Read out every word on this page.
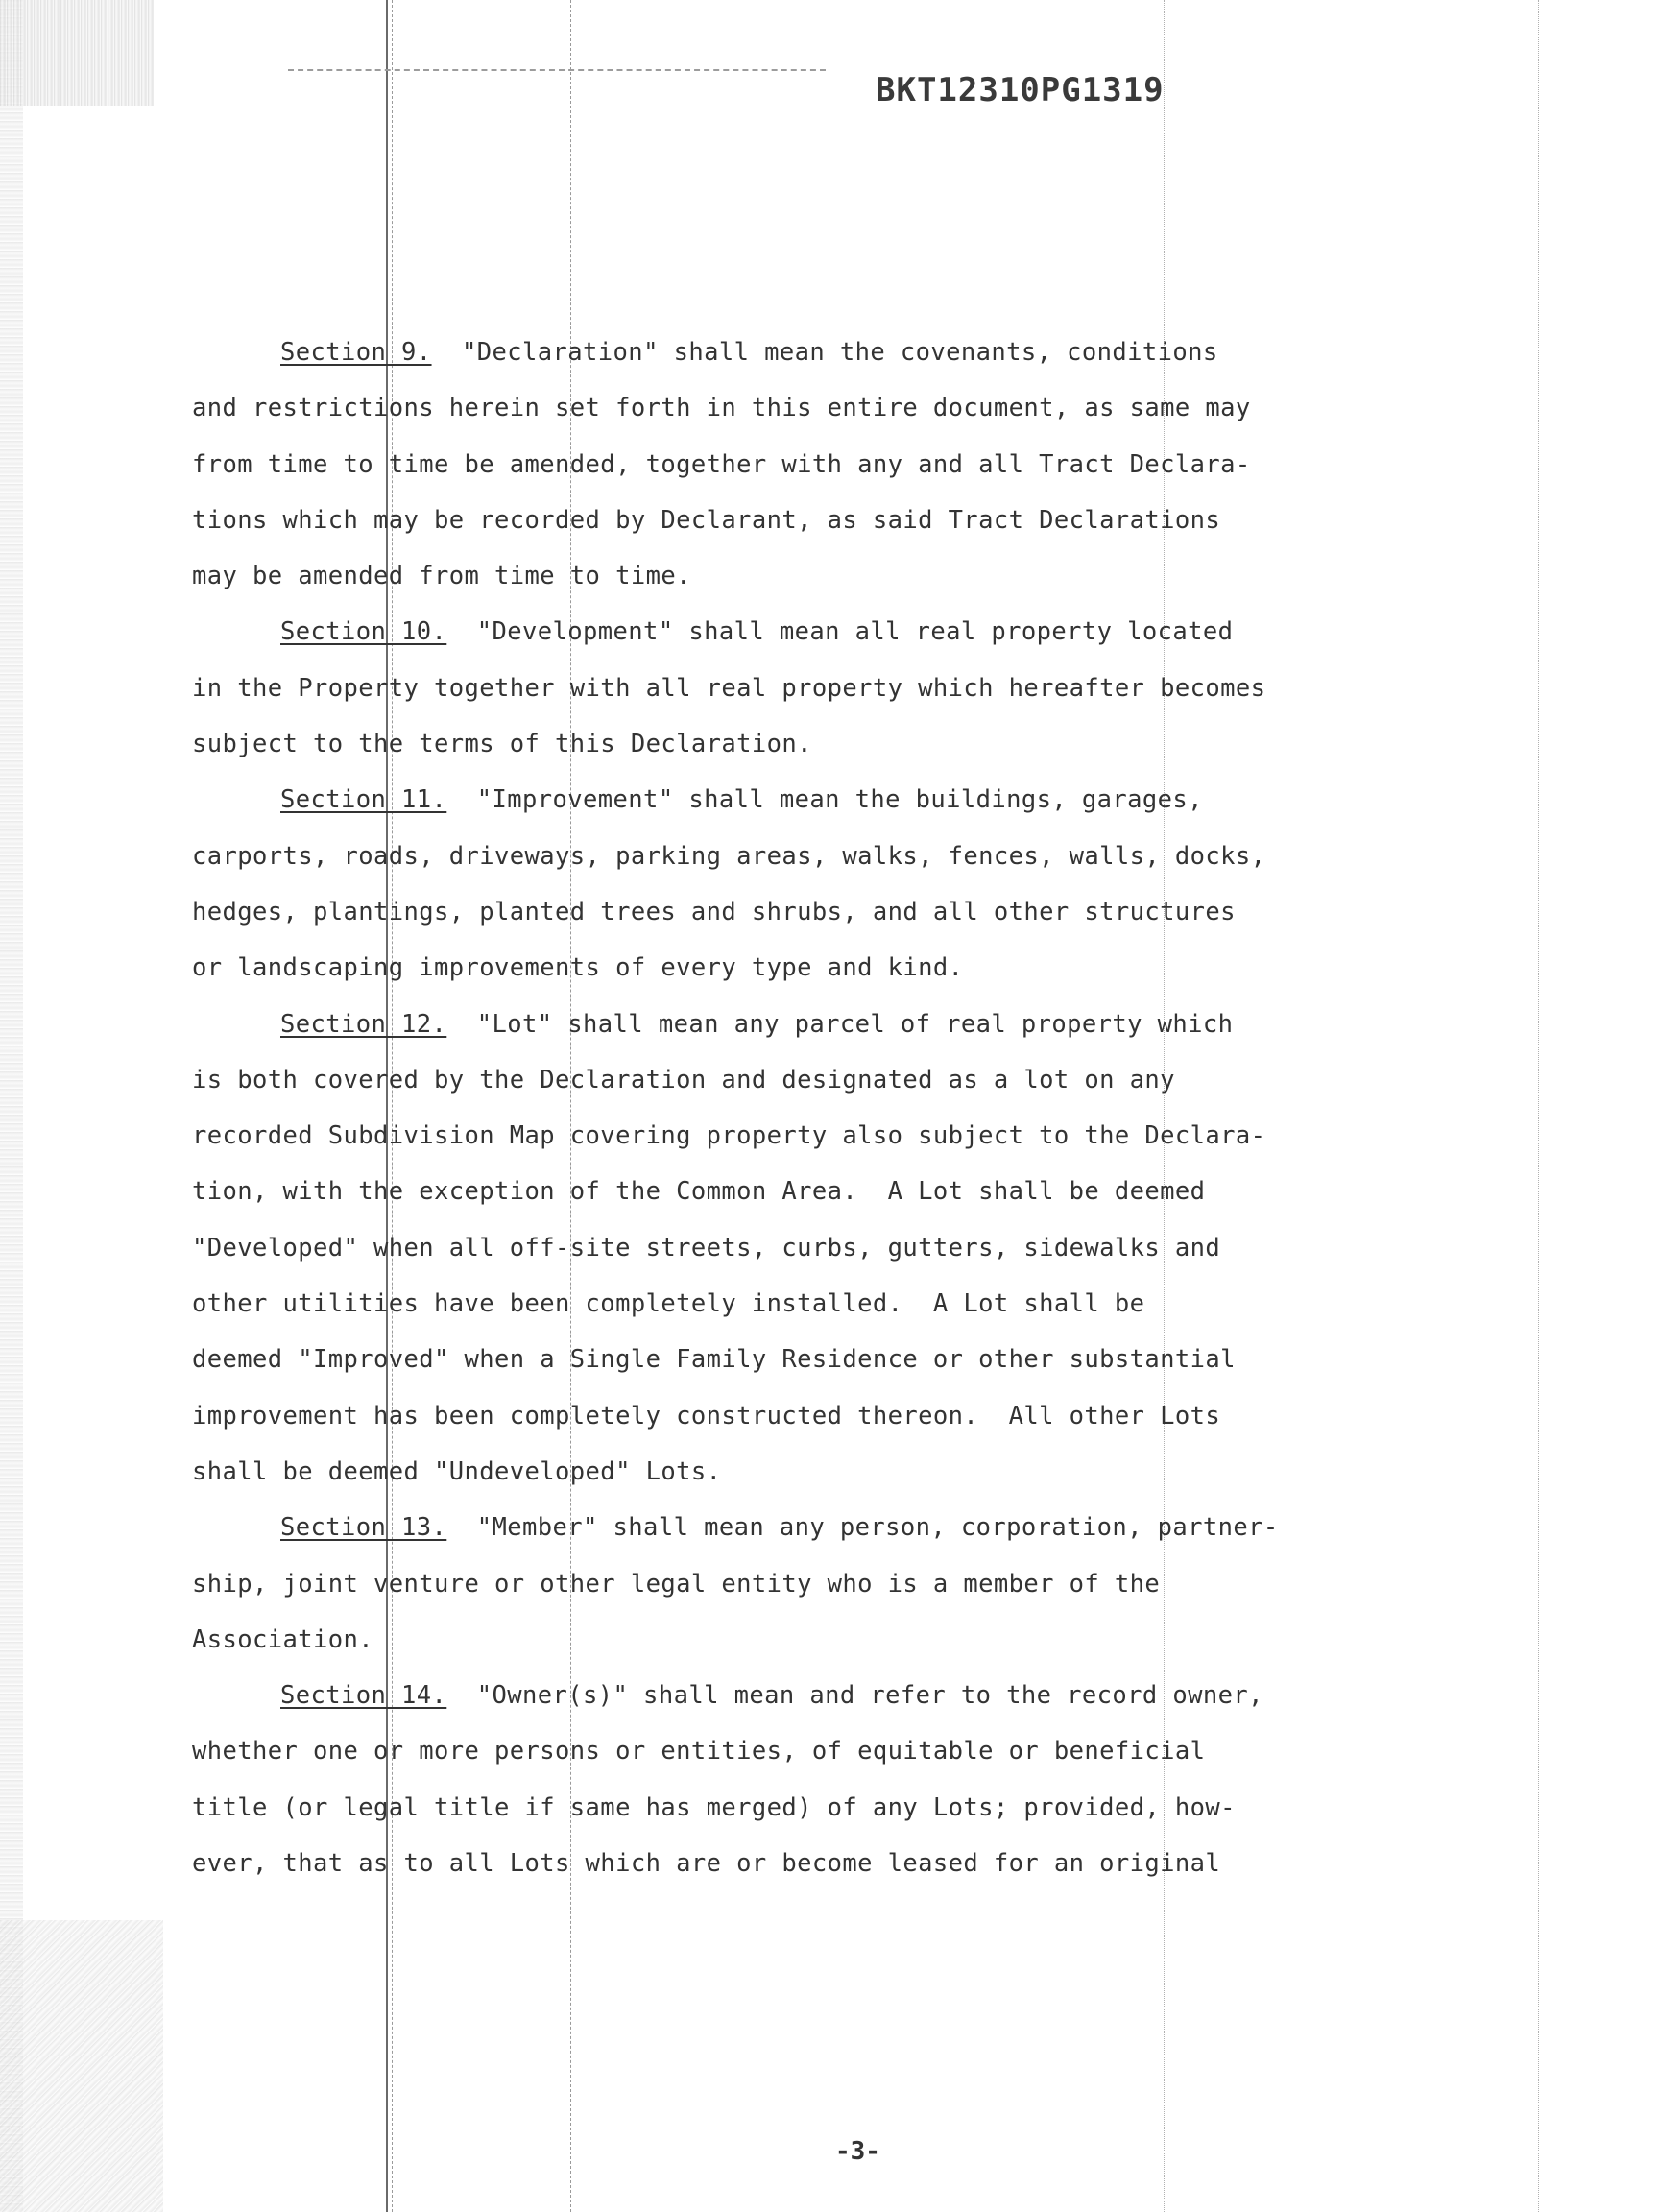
BKT12310PG1319
Section 9.  "Declaration" shall mean the covenants, conditions
and restrictions herein set forth in this entire document, as same may
from time to time be amended, together with any and all Tract Declara-
tions which may be recorded by Declarant, as said Tract Declarations
may be amended from time to time.
Section 10.  "Development" shall mean all real property located
in the Property together with all real property which hereafter becomes
subject to the terms of this Declaration.
Section 11.  "Improvement" shall mean the buildings, garages,
carports, roads, driveways, parking areas, walks, fences, walls, docks,
hedges, plantings, planted trees and shrubs, and all other structures
or landscaping improvements of every type and kind.
Section 12.  "Lot" shall mean any parcel of real property which
is both covered by the Declaration and designated as a lot on any
recorded Subdivision Map covering property also subject to the Declara-
tion, with the exception of the Common Area.  A Lot shall be deemed
"Developed" when all off-site streets, curbs, gutters, sidewalks and
other utilities have been completely installed.  A Lot shall be
deemed "Improved" when a Single Family Residence or other substantial
improvement has been completely constructed thereon.  All other Lots
shall be deemed "Undeveloped" Lots.
Section 13.  "Member" shall mean any person, corporation, partner-
ship, joint venture or other legal entity who is a member of the
Association.
Section 14.  "Owner(s)" shall mean and refer to the record owner,
whether one or more persons or entities, of equitable or beneficial
title (or legal title if same has merged) of any Lots; provided, how-
ever, that as to all Lots which are or become leased for an original
-3-
